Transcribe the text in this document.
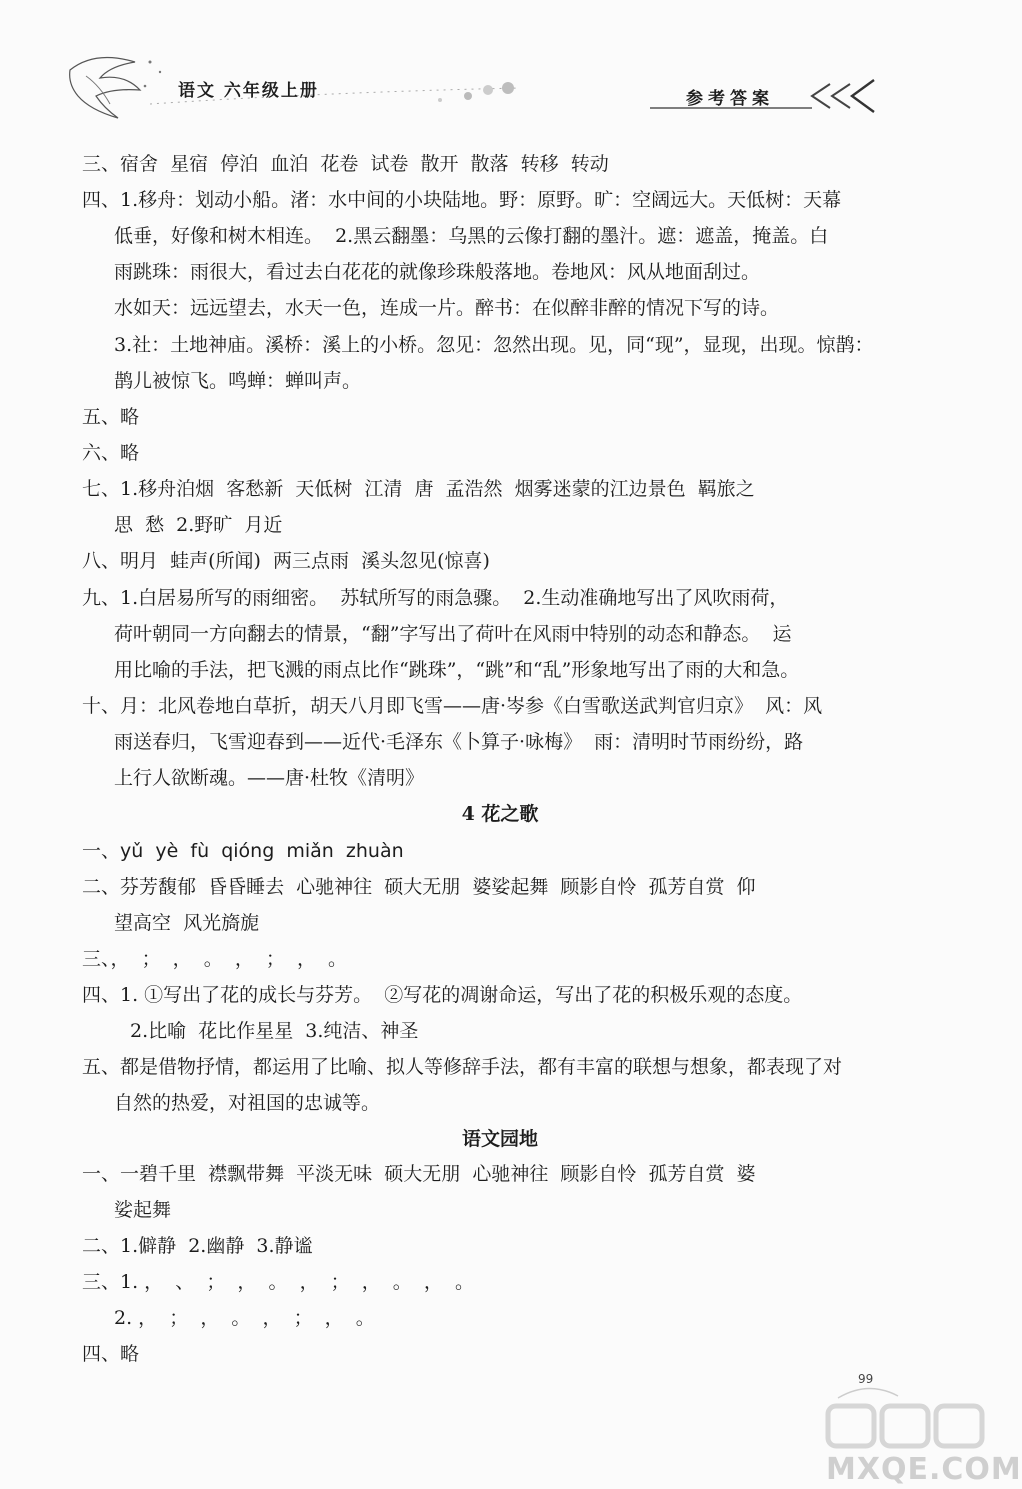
语文 六年级上册	参考答案
三、宿舍  星宿  停泊  血泊  花卷  试卷  散开  散落  转移  转动
四、1.移舟：划动小船。渚：水中间的小块陆地。野：原野。旷：空阔远大。天低树：天幕
低垂，好像和树木相连。  2.黑云翻墨：乌黑的云像打翻的墨汁。遮：遮盖，掩盖。白
雨跳珠：雨很大，看过去白花花的就像珍珠般落地。卷地风：风从地面刮过。
水如天：远远望去，水天一色，连成一片。醉书：在似醉非醉的情况下写的诗。
3.社：土地神庙。溪桥：溪上的小桥。忽见：忽然出现。见，同“现”，显现，出现。惊鹊：
鹊儿被惊飞。鸣蝉：蝉叫声。
五、略
六、略
七、1.移舟泊烟  客愁新  天低树  江清  唐  孟浩然  烟雾迷蒙的江边景色  羁旅之
思  愁  2.野旷  月近
八、明月  蛙声(所闻)  两三点雨  溪头忽见(惊喜)
九、1.白居易所写的雨细密。  苏轼所写的雨急骤。  2.生动准确地写出了风吹雨荷，
荷叶朝同一方向翻去的情景，“翻”字写出了荷叶在风雨中特别的动态和静态。  运
用比喻的手法，把飞溅的雨点比作“跳珠”，“跳”和“乱”形象地写出了雨的大和急。
十、月：北风卷地白草折，胡天八月即飞雪——唐·岑参《白雪歌送武判官归京》  风：风
雨送春归，飞雪迎春到——近代·毛泽东《卜算子·咏梅》  雨：清明时节雨纷纷，路
上行人欲断魂。——唐·杜牧《清明》
4 花之歌
一、yǔ  yè  fù  qióng  miǎn  zhuàn
二、芬芳馥郁  昏昏睡去  心驰神往  硕大无朋  婆娑起舞  顾影自怜  孤芳自赏  仰
望高空  风光旖旎
三、，  ；  ，  。  ，  ；  ，  。
四、1. ①写出了花的成长与芬芳。  ②写花的凋谢命运，写出了花的积极乐观的态度。
2.比喻  花比作星星  3.纯洁、神圣
五、都是借物抒情，都运用了比喻、拟人等修辞手法，都有丰富的联想与想象，都表现了对
自然的热爱，对祖国的忠诚等。
语文园地
一、一碧千里  襟飘带舞  平淡无味  硕大无朋  心驰神往  顾影自怜  孤芳自赏  婆
娑起舞
二、1.僻静  2.幽静  3.静谧
三、1. ，  、  ；  ，  。  ，  ；  ，  。  ，  。
2. ，  ；  ，  。  ，  ；  ，  。
四、略
99
MXQE.COM
